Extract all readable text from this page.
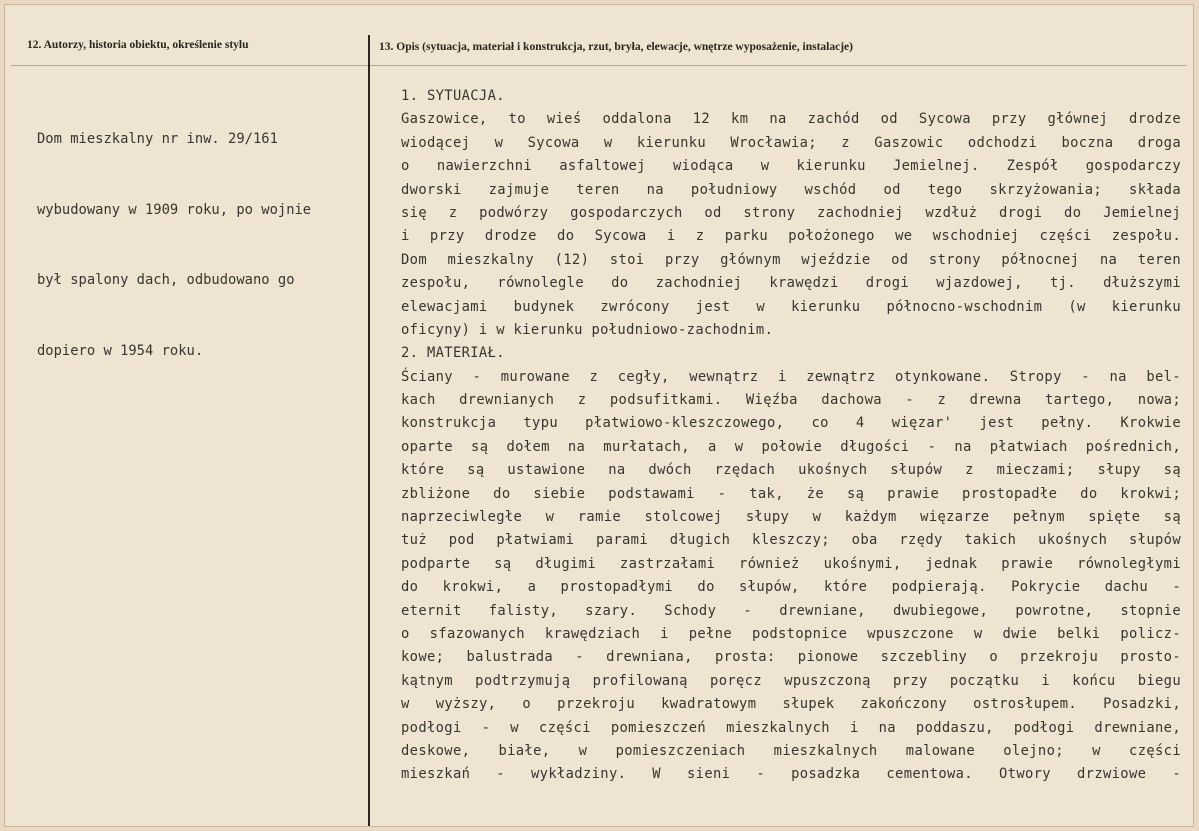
12. Autorzy, historia obiektu, określenie stylu	13. Opis (sytuacja, materiał i konstrukcja, rzut, bryła, elewacje, wnętrze wyposażenie, instalacje)

Dom mieszkalny nr inw. 29/161

wybudowany w 1909 roku, po wojnie

był spalony dach, odbudowano go

dopiero w 1954 roku.

1. SYTUACJA.
Gaszowice, to wieś oddalona 12 km na zachód od Sycowa przy głównej drodze
wiodącej w Sycowa w kierunku Wrocławia; z Gaszowic odchodzi boczna droga
o nawierzchni asfaltowej wiodąca w kierunku Jemielnej. Zespół gospodarczy
dworski zajmuje teren na południowy wschód od tego skrzyżowania; składa
się z podwórzy gospodarczych od strony zachodniej wzdłuż drogi do Jemielnej
i przy drodze do Sycowa i z parku położonego we wschodniej części zespołu.
Dom mieszkalny (12) stoi przy głównym wjeździe od strony północnej na teren
zespołu, równolegle do zachodniej krawędzi drogi wjazdowej, tj. dłuższymi
elewacjami budynek zwrócony jest w kierunku północno-wschodnim (w kierunku
oficyny) i w kierunku południowo-zachodnim.
2. MATERIAŁ.
Ściany - murowane z cegły, wewnątrz i zewnątrz otynkowane. Stropy - na bel-
kach drewnianych z podsufitkami. Więźba dachowa - z drewna tartego, nowa;
konstrukcja typu płatwiowo-kleszczowego, co 4 więzar' jest pełny. Krokwie
oparte są dołem na murłatach, a w połowie długości - na płatwiach pośrednich,
które są ustawione na dwóch rzędach ukośnych słupów z mieczami; słupy są
zbliżone do siebie podstawami - tak, że są prawie prostopadłe do krokwi;
naprzeciwległe w ramie stolcowej słupy w każdym więzarze pełnym spięte są
tuż pod płatwiami parami długich kleszczy; oba rzędy takich ukośnych słupów
podparte są długimi zastrzałami również ukośnymi, jednak prawie równoległymi
do krokwi, a prostopadłymi do słupów, które podpierają. Pokrycie dachu -
eternit falisty, szary. Schody - drewniane, dwubiegowe, powrotne, stopnie
o sfazowanych krawędziach i pełne podstopnice wpuszczone w dwie belki policz-
kowe; balustrada - drewniana, prosta: pionowe szczebliny o przekroju prosto-
kątnym podtrzymują profilowaną poręcz wpuszczoną przy początku i końcu biegu
w wyższy, o przekroju kwadratowym słupek zakończony ostrosłupem. Posadzki,
podłogi - w części pomieszczeń mieszkalnych i na poddaszu, podłogi drewniane,
deskowe, białe, w pomieszczeniach mieszkalnych malowane olejno; w części
mieszkań - wykładziny. W sieni - posadzka cementowa. Otwory drzwiowe -
